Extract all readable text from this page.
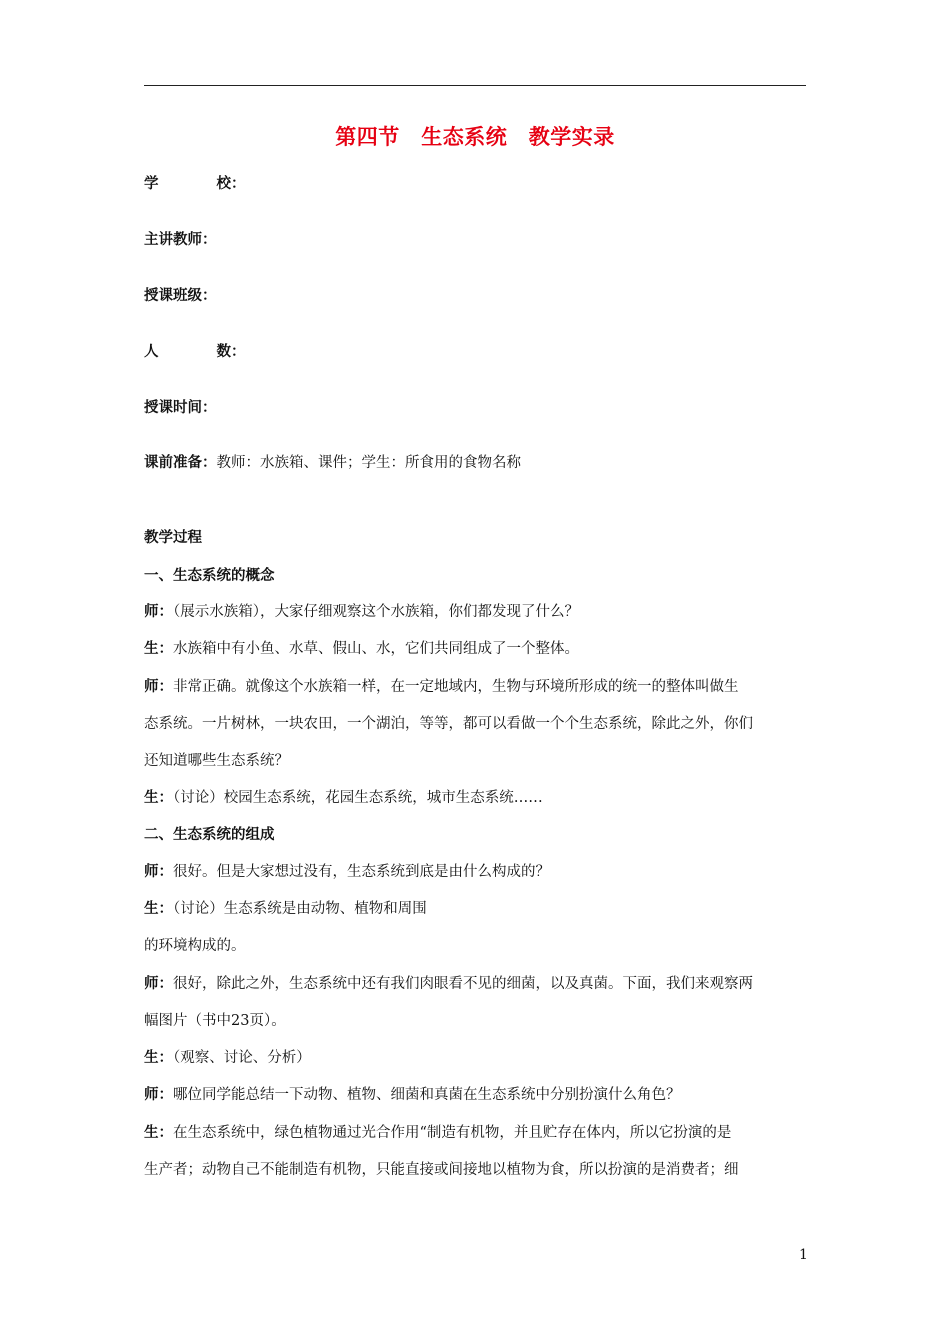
第四节　生态系统　教学实录
学	校：
主讲教师：
授课班级：
人	数：
授课时间：
课前准备：教师：水族箱、课件；学生：所食用的食物名称
教学过程
一、生态系统的概念
师：（展示水族箱），大家仔细观察这个水族箱，你们都发现了什么？
生：水族箱中有小鱼、水草、假山、水，它们共同组成了一个整体。
师：非常正确。就像这个水族箱一样，在一定地域内，生物与环境所形成的统一的整体叫做生
态系统。一片树林，一块农田，一个湖泊，等等，都可以看做一个个生态系统，除此之外，你们
还知道哪些生态系统？
生：（讨论）校园生态系统，花园生态系统，城市生态系统……
二、生态系统的组成
师：很好。但是大家想过没有，生态系统到底是由什么构成的？
生：（讨论）生态系统是由动物、植物和周围
的环境构成的。
师：很好，除此之外，生态系统中还有我们肉眼看不见的细菌，以及真菌。下面，我们来观察两
幅图片（书中23页）。
生：（观察、讨论、分析）
师：哪位同学能总结一下动物、植物、细菌和真菌在生态系统中分别扮演什么角色？
生：在生态系统中，绿色植物通过光合作用“制造有机物，并且贮存在体内，所以它扮演的是
生产者；动物自己不能制造有机物，只能直接或间接地以植物为食，所以扮演的是消费者；细
1
